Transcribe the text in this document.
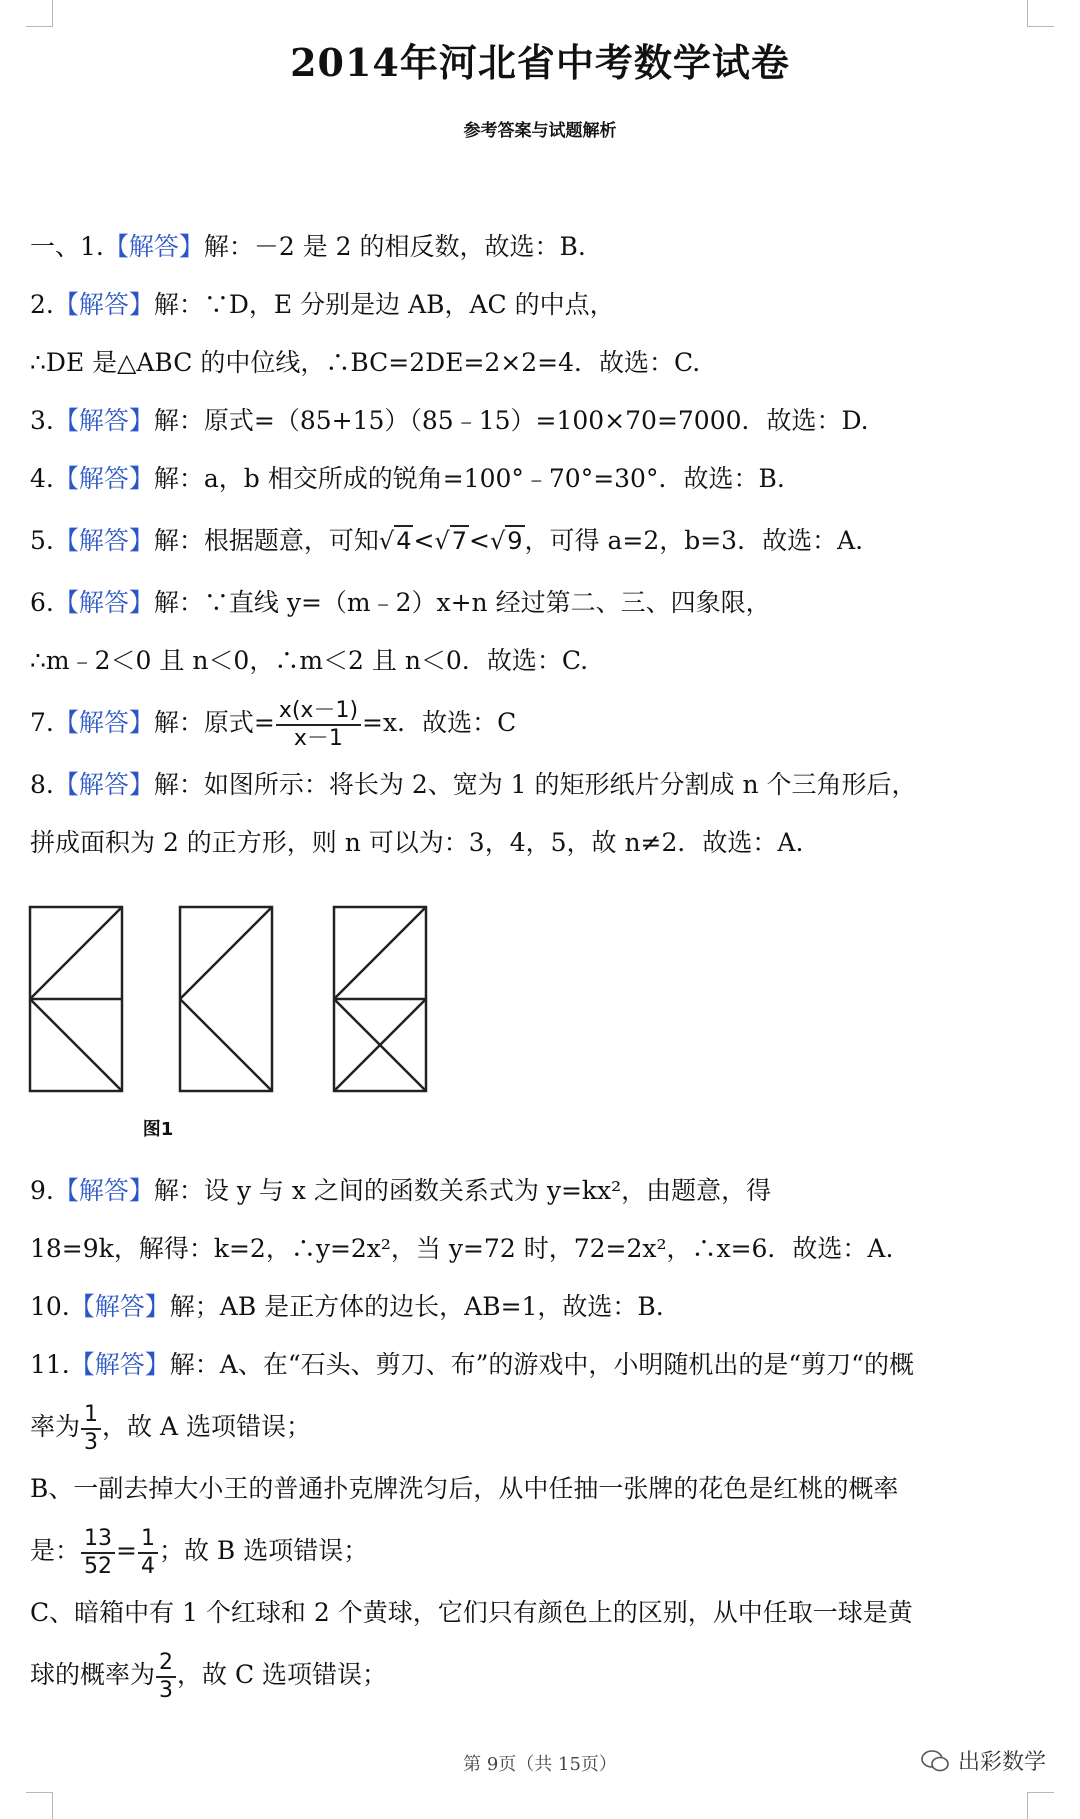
2014年河北省中考数学试卷
参考答案与试题解析
一、1.【解答】解：－2 是 2 的相反数，故选：B.
2.【解答】解：∵D，E 分别是边 AB，AC 的中点，
∴DE 是△ABC 的中位线，∴BC=2DE=2×2=4．故选：C.
3.【解答】解：原式=（85+15）（85﹣15）=100×70=7000．故选：D.
4.【解答】解：a，b 相交所成的锐角=100°﹣70°=30°．故选：B.
5.【解答】解：根据题意，可知√4<√7<√9，可得 a=2，b=3．故选：A.
6.【解答】解：∵直线 y=（m﹣2）x+n 经过第二、三、四象限，
∴m﹣2＜0 且 n＜0，∴m＜2 且 n＜0．故选：C.
7.【解答】解：原式= $\frac{x(x-1)}{x-1} =x$．故选：C
8.【解答】解：如图所示：将长为 2、宽为 1 的矩形纸片分割成 n 个三角形后，
拼成面积为 2 的正方形，则 n 可以为：3，4，5，故 n≠2．故选：A.
图1
9.【解答】解：设 y 与 x 之间的函数关系式为 y=kx²，由题意，得
18=9k，解得：k=2，∴y=2x²，当 y=72 时，72=2x²，∴x=6．故选：A.
10.【解答】解；AB 是正方体的边长，AB=1，故选：B.
11.【解答】解：A、在“石头、剪刀、布”的游戏中，小明随机出的是“剪刀“的概
率为 $\frac{1}{3}$ ，故 A 选项错误；
B、一副去掉大小王的普通扑克牌洗匀后，从中任抽一张牌的花色是红桃的概率
是： $\frac{13}{52} = \frac{1}{4}$ ；故 B 选项错误；
C、暗箱中有 1 个红球和 2 个黄球，它们只有颜色上的区别，从中任取一球是黄
球的概率为 $\frac{2}{3}$ ，故 C 选项错误；
第 9页（共 15页）	出彩数学
